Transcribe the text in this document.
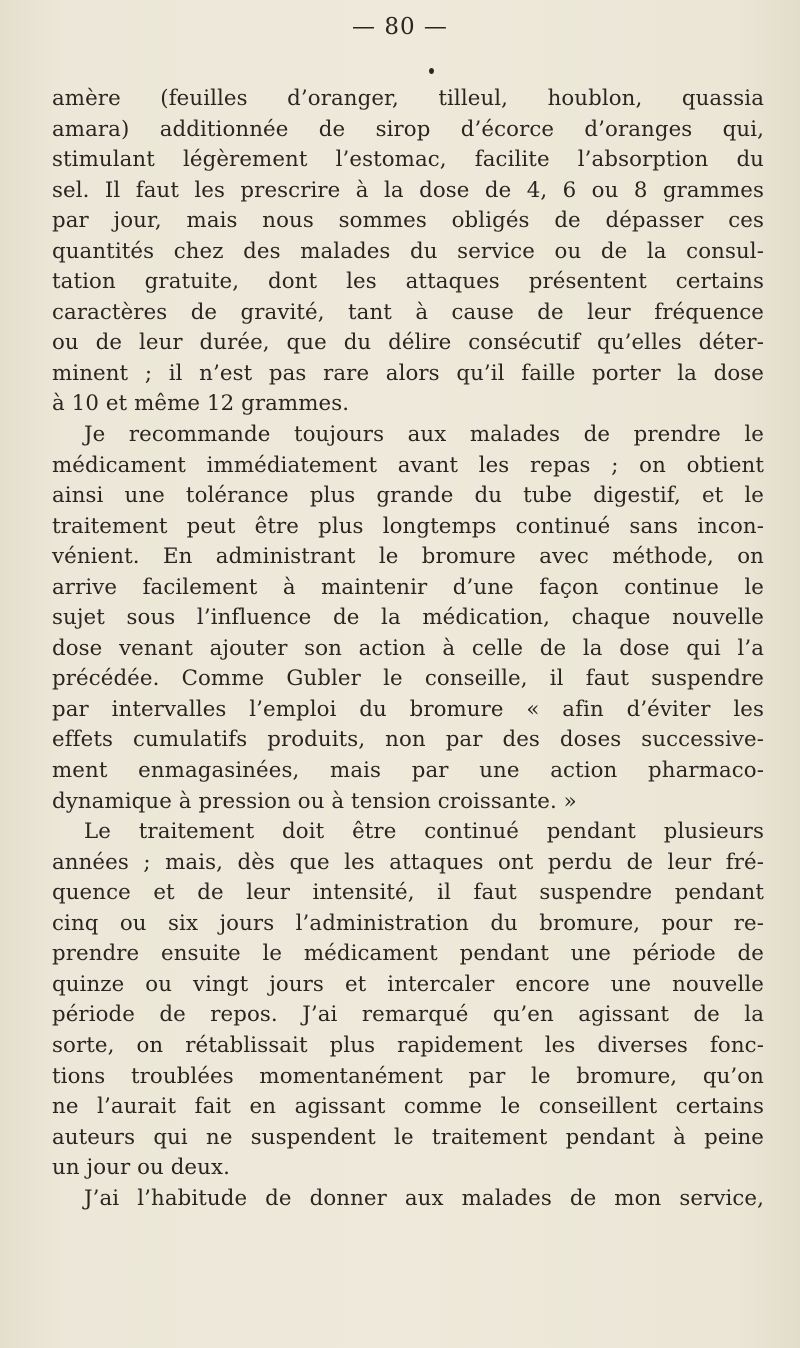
— 80 —
amère (feuilles d’oranger, tilleul, houblon, quassia
amara) additionnée de sirop d’écorce d’oranges qui,
stimulant légèrement l’estomac, facilite l’absorption du
sel. Il faut les prescrire à la dose de 4, 6 ou 8 grammes
par jour, mais nous sommes obligés de dépasser ces
quantités chez des malades du service ou de la consul-
tation gratuite, dont les attaques présentent certains
caractères de gravité, tant à cause de leur fréquence
ou de leur durée, que du délire consécutif qu’elles déter-
minent ; il n’est pas rare alors qu’il faille porter la dose
à 10 et même 12 grammes.
Je recommande toujours aux malades de prendre le
médicament immédiatement avant les repas ; on obtient
ainsi une tolérance plus grande du tube digestif, et le
traitement peut être plus longtemps continué sans incon-
vénient. En administrant le bromure avec méthode, on
arrive facilement à maintenir d’une façon continue le
sujet sous l’influence de la médication, chaque nouvelle
dose venant ajouter son action à celle de la dose qui l’a
précédée. Comme Gubler le conseille, il faut suspendre
par intervalles l’emploi du bromure « afin d’éviter les
effets cumulatifs produits, non par des doses successive-
ment enmagasinées, mais par une action pharmaco-
dynamique à pression ou à tension croissante. »
Le traitement doit être continué pendant plusieurs
années ; mais, dès que les attaques ont perdu de leur fré-
quence et de leur intensité, il faut suspendre pendant
cinq ou six jours l’administration du bromure, pour re-
prendre ensuite le médicament pendant une période de
quinze ou vingt jours et intercaler encore une nouvelle
période de repos. J’ai remarqué qu’en agissant de la
sorte, on rétablissait plus rapidement les diverses fonc-
tions troublées momentanément par le bromure, qu’on
ne l’aurait fait en agissant comme le conseillent certains
auteurs qui ne suspendent le traitement pendant à peine
un jour ou deux.
J’ai l’habitude de donner aux malades de mon service,
